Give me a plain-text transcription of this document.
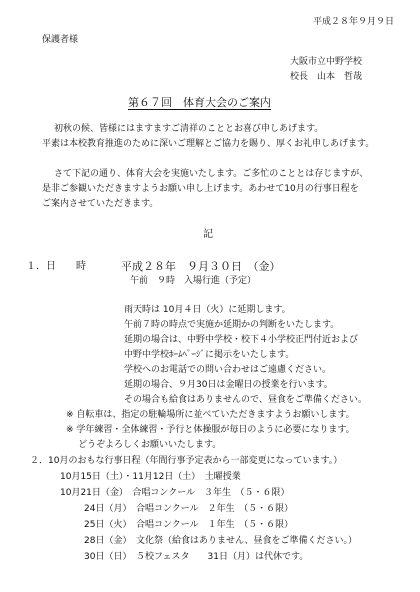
平成２８年９月９日
保護者様
大阪市立中野学校
校長　山本　哲哉
第６７回　体育大会のご案内
初秋の候、皆様にはますますご清祥のこととお喜び申しあげます。
平素は本校教育推進のために深いご理解とご協力を賜り、厚くお礼申しあげます。
さて下記の通り、体育大会を実施いたします。ご多忙のこととは存じますが、
是非ご参観いただきますようお願い申し上げます。あわせて10月の行事日程を
ご案内させていただきます。
記
１．日　　時	平成２８年　９月３０日　（金）
午前　９時　入場行進（予定）
雨天時は 10月４日（火）に延期します。
午前７時の時点で実施か延期かの判断をいたします。
延期の場合は、中野中学校・校下４小学校正門付近および
中野中学校ﾎｰﾑﾍﾟｰｼﾞに掲示をいたします。
学校へのお電話での問い合わせはご遠慮ください。
延期の場合、９月30日は金曜日の授業を行います。
その場合も給食はありませんので、昼食をご準備ください。
※ 自転車は、指定の駐輪場所に並べていただきますようお願いします。
※ 学年練習・全体練習・予行と体操服が毎日のように必要になります。
どうぞよろしくお願いいたします。
２．10月のおもな行事日程（年間行事予定表から一部変更になっています。）
10月15日（土）・11月12日（土）　土曜授業
10月21日（金）　合唱コンクール　３年生　（５・６限）
24日（月）　合唱コンクール　２年生　（５・６限）
25日（火）　合唱コンクール　１年生　（５・６限）
28日（金）　文化祭（給食はありません、昼食をご準備ください。）
30日（日）　５校フェスタ　　31日（月）は代休です。
